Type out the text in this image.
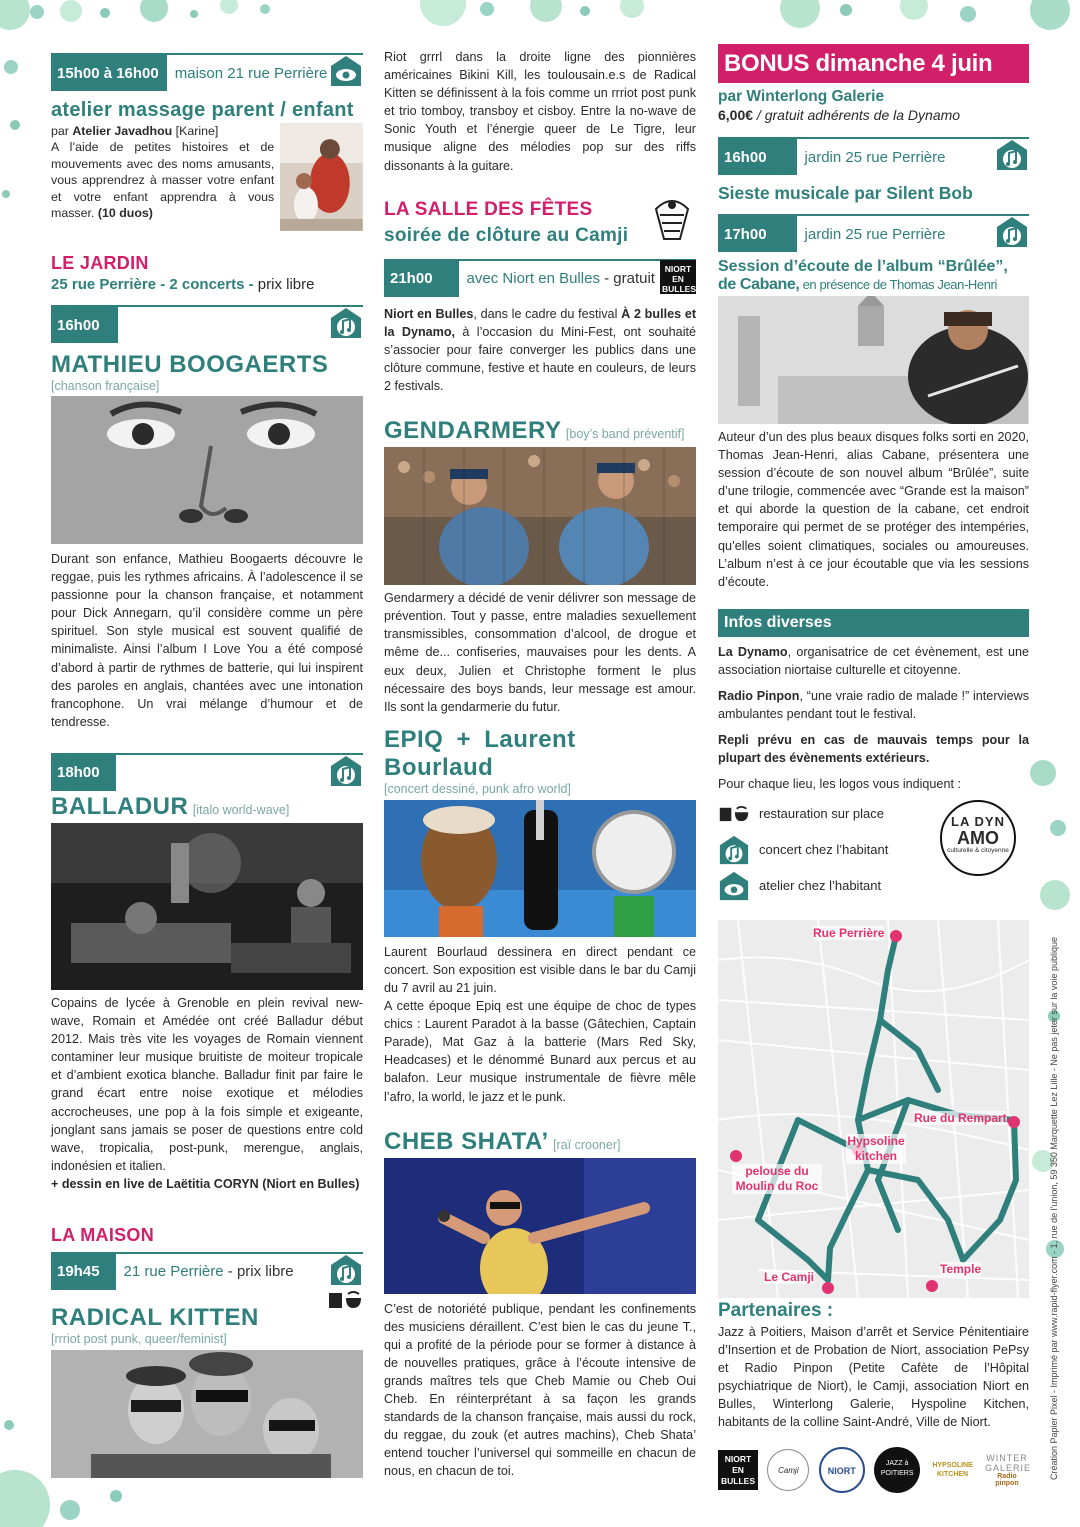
15h00 à 16h00	maison 21 rue Perrière
atelier massage parent / enfant
par Atelier Javadhou [Karine]
A l’aide de petites histoires et de mouvements avec des noms amusants, vous apprendrez à masser votre enfant et votre enfant apprendra à vous masser. (10 duos)
LE JARDIN
25 rue Perrière - 2 concerts - prix libre
16h00
MATHIEU BOOGAERTS
[chanson française]
Durant son enfance, Mathieu Boogaerts découvre le reggae, puis les rythmes africains. À l’adolescence il se passionne pour la chanson française, et notamment pour Dick Annegarn, qu’il considère comme un père spirituel. Son style musical est souvent qualifié de minimaliste. Ainsi l’album I Love You a été composé d’abord à partir de rythmes de batterie, qui lui inspirent des paroles en anglais, chantées avec une intonation francophone. Un vrai mélange d’humour et de tendresse.
18h00
BALLADUR [italo world-wave]
Copains de lycée à Grenoble en plein revival new-wave, Romain et Amédée ont créé Balladur début 2012. Mais très vite les voyages de Romain viennent contaminer leur musique bruitiste de moiteur tropicale et d’ambient exotica blanche. Balladur finit par faire le grand écart entre noise exotique et mélodies accrocheuses, une pop à la fois simple et exigeante, jonglant sans jamais se poser de questions entre cold wave, tropicalia, post-punk, merengue, anglais, indonésien et italien.
+ dessin en live de Laëtitia CORYN (Niort en Bulles)
LA MAISON
19h45	21 rue Perrière - prix libre
RADICAL KITTEN
[rrriot post punk, queer/feminist]
Riot grrrl dans la droite ligne des pionnières américaines Bikini Kill, les toulousain.e.s de Radical Kitten se définissent à la fois comme un rrriot post punk et trio tomboy, transboy et cisboy. Entre la no-wave de Sonic Youth et l’énergie queer de Le Tigre, leur musique aligne des mélodies pop sur des riffs dissonants à la guitare.
LA SALLE DES FÊTES
soirée de clôture au Camji
21h00	avec Niort en Bulles - gratuit
NIORT EN BULLES
Niort en Bulles, dans le cadre du festival À 2 bulles et la Dynamo, à l’occasion du Mini-Fest, ont souhaité s’associer pour faire converger les publics dans une clôture commune, festive et haute en couleurs, de leurs 2 festivals.
GENDARMERY [boy’s band préventif]
Gendarmery a décidé de venir délivrer son message de prévention. Tout y passe, entre maladies sexuellement transmissibles, consommation d’alcool, de drogue et même de... confiseries, mauvaises pour les dents. A eux deux, Julien et Christophe forment le plus nécessaire des boys bands, leur message est amour. Ils sont la gendarmerie du futur.
EPIQ + Laurent Bourlaud
[concert dessiné, punk afro world]
Laurent Bourlaud dessinera en direct pendant ce concert. Son exposition est visible dans le bar du Camji du 7 avril au 21 juin.
A cette époque Epiq est une équipe de choc de types chics : Laurent Paradot à la basse (Gâtechien, Captain Parade), Mat Gaz à la batterie (Mars Red Sky, Headcases) et le dénommé Bunard aux percus et au balafon. Leur musique instrumentale de fièvre mêle l’afro, la world, le jazz et le punk.
CHEB SHATA’ [raï crooner]
C’est de notoriété publique, pendant les confinements des musiciens déraillent. C’est bien le cas du jeune T., qui a profité de la période pour se former à distance à de nouvelles pratiques, grâce à l’écoute intensive de grands maîtres tels que Cheb Mamie ou Cheb Oui Cheb. En réinterprétant à sa façon les grands standards de la chanson française, mais aussi du rock, du reggae, du zouk (et autres machins), Cheb Shata’ entend toucher l’universel qui sommeille en chacun de nous, en chacun de toi.
BONUS dimanche 4 juin
par Winterlong Galerie
6,00€ / gratuit adhérents de la Dynamo
16h00	jardin 25 rue Perrière
Sieste musicale par Silent Bob
17h00	jardin 25 rue Perrière
Session d’écoute de l’album “Brûlée”,
de Cabane, en présence de Thomas Jean-Henri
Auteur d’un des plus beaux disques folks sorti en 2020, Thomas Jean-Henri, alias Cabane, présentera une session d’écoute de son nouvel album “Brûlée”, suite d’une trilogie, commencée avec “Grande est la maison” et qui aborde la question de la cabane, cet endroit temporaire qui permet de se protéger des intempéries, qu’elles soient climatiques, sociales ou amoureuses. L’album n’est à ce jour écoutable que via les sessions d’écoute.
Infos diverses
La Dynamo, organisatrice de cet évènement, est une association niortaise culturelle et citoyenne.
Radio Pinpon, “une vraie radio de malade !” interviews ambulantes pendant tout le festival.
Repli prévu en cas de mauvais temps pour la plupart des évènements extérieurs.
Pour chaque lieu, les logos vous indiquent :
restauration sur place
concert chez l’habitant
atelier chez l’habitant
LA DYN
AMO
culturelle & citoyenne
Rue Perrière
Rue du Rempart
Hypsoline kitchen
pelouse du Moulin du Roc
Temple
Le Camji
Partenaires :
Jazz à Poitiers, Maison d’arrêt et Service Pénitentiaire d’Insertion et de Probation de Niort, association PePsy et Radio Pinpon (Petite Cafète de l’Hôpital psychiatrique de Niort), le Camji, association Niort en Bulles, Winterlong Galerie, Hyspoline Kitchen, habitants de la colline Saint-André, Ville de Niort.
NIORT EN BULLES
Camji	NIORT
JAZZ à POITIERS
HYPSOLINE KITCHEN
WINTER GALERIE
Radio pinpon
Création Papier Pixel - Imprimé par www.rapid-flyer.com - 1, rue de l'union, 59 350 Marquette Lez Lille - Ne pas jeter sur la voie publique
